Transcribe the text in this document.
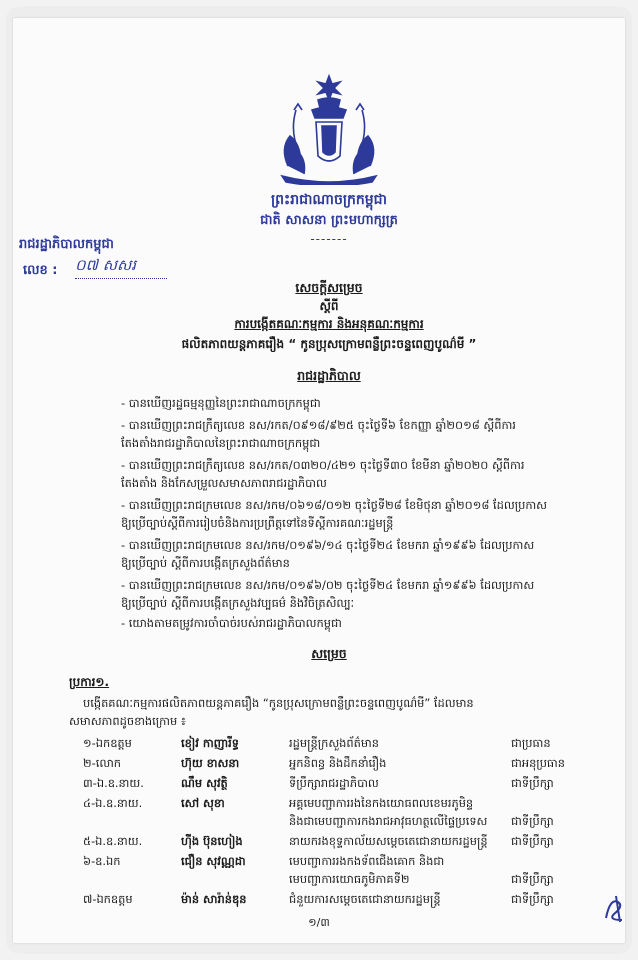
ព្រះរាជាណាចក្រកម្ពុជា
ជាតិ សាសនា ព្រះមហាក្សត្រ
-------
រាជរដ្ឋាភិបាលកម្ពុជា
លេខ : ០៧ សសរ
សេចក្តីសម្រេច
ស្តីពី
ការបង្កើតគណៈកម្មការ និងអនុគណៈកម្មការ
ផលិតភាពយន្តភាគរឿង “ កូនប្រុសក្រោមពន្លឺព្រះចន្ទពេញបូណ៌មី ”
រាជរដ្ឋាភិបាល
- បានឃើញរដ្ឋធម្មនុញ្ញនៃព្រះរាជាណាចក្រកម្ពុជា
- បានឃើញព្រះរាជក្រឹត្យលេខ នស/រកត/០៩១៨/៩២៥ ចុះថ្ងៃទី៦ ខែកញ្ញា ឆ្នាំ២០១៨ ស្តីពីការ
តែងតាំងរាជរដ្ឋាភិបាលនៃព្រះរាជាណាចក្រកម្ពុជា
- បានឃើញព្រះរាជក្រឹត្យលេខ នស/រកត/០៣២០/៤២១ ចុះថ្ងៃទី៣០ ខែមីនា ឆ្នាំ២០២០ ស្តីពីការ
តែងតាំង និងកែសម្រួលសមាសភាពរាជរដ្ឋាភិបាល
- បានឃើញព្រះរាជក្រមលេខ នស/រកម/០៦១៨/០១២ ចុះថ្ងៃទី២៨ ខែមិថុនា ឆ្នាំ២០១៨ ដែលប្រកាស
ឱ្យប្រើច្បាប់ស្តីពីការរៀបចំនិងការប្រព្រឹត្តទៅនៃទីស្តីការគណៈរដ្ឋមន្ត្រី
- បានឃើញព្រះរាជក្រមលេខ នស/រកម/០១៩៦/១៤ ចុះថ្ងៃទី២៤ ខែមករា ឆ្នាំ១៩៩៦ ដែលប្រកាស
ឱ្យប្រើច្បាប់ ស្តីពីការបង្កើតក្រសួងព័ត៌មាន
- បានឃើញព្រះរាជក្រមលេខ នស/រកម/០១៩៦/០២ ចុះថ្ងៃទី២៤ ខែមករា ឆ្នាំ១៩៩៦ ដែលប្រកាស
ឱ្យប្រើច្បាប់ ស្តីពីការបង្កើតក្រសួងវប្បធម៌ និងវិចិត្រសិល្បៈ
- យោងតាមតម្រូវការចាំបាច់របស់រាជរដ្ឋាភិបាលកម្ពុជា
សម្រេច
ប្រការ១.
បង្កើតគណៈកម្មការផលិតភាពយន្តភាគរឿង “កូនប្រុសក្រោមពន្លឺព្រះចន្ទពេញបូណ៌មី” ដែលមាន
សមាសភាពដូចខាងក្រោម ៖
១-ឯកឧត្តម	ខៀវ កាញារីទ្ធ	រដ្ឋមន្ត្រីក្រសួងព័ត៌មាន	ជាប្រធាន
២-លោក	ហ៊ុយ ខាសនា	អ្នកនិពន្ធ និងដឹកនាំរឿង	ជាអនុប្រធាន
៣-ឯ.ឧ.នាយ.	ណឹម សុវត្ថិ	ទីប្រឹក្សារាជរដ្ឋាភិបាល	ជាទីប្រឹក្សា
៤-ឯ.ឧ.នាយ.	សៅ សុខា	អគ្គមេបញ្ជាការរងនៃកងយោធពលខេមរភូមិន្ទ
និងជាមេបញ្ជាការកងរាជអាវុធហត្ថលើផ្ទៃប្រទេស ជាទីប្រឹក្សា
៥-ឯ.ឧ.នាយ.	ហ៊ីង ប៊ុនហៀង	នាយករងខុទ្ទកាល័យសម្តេចតេជោនាយករដ្ឋមន្ត្រី ជាទីប្រឹក្សា
៦-ឧ.ឯក	ជឿន សុវណ្ណដា	មេបញ្ជាការរងកងទ័ពជើងគោក និងជា
មេបញ្ជាការយោធភូមិភាគទី២	ជាទីប្រឹក្សា
៧-ឯកឧត្តម	ម៉ាន់ សារ៉ាន់ឌុន	ជំនួយការសម្តេចតេជោនាយករដ្ឋមន្ត្រី	ជាទីប្រឹក្សា
១/៣
